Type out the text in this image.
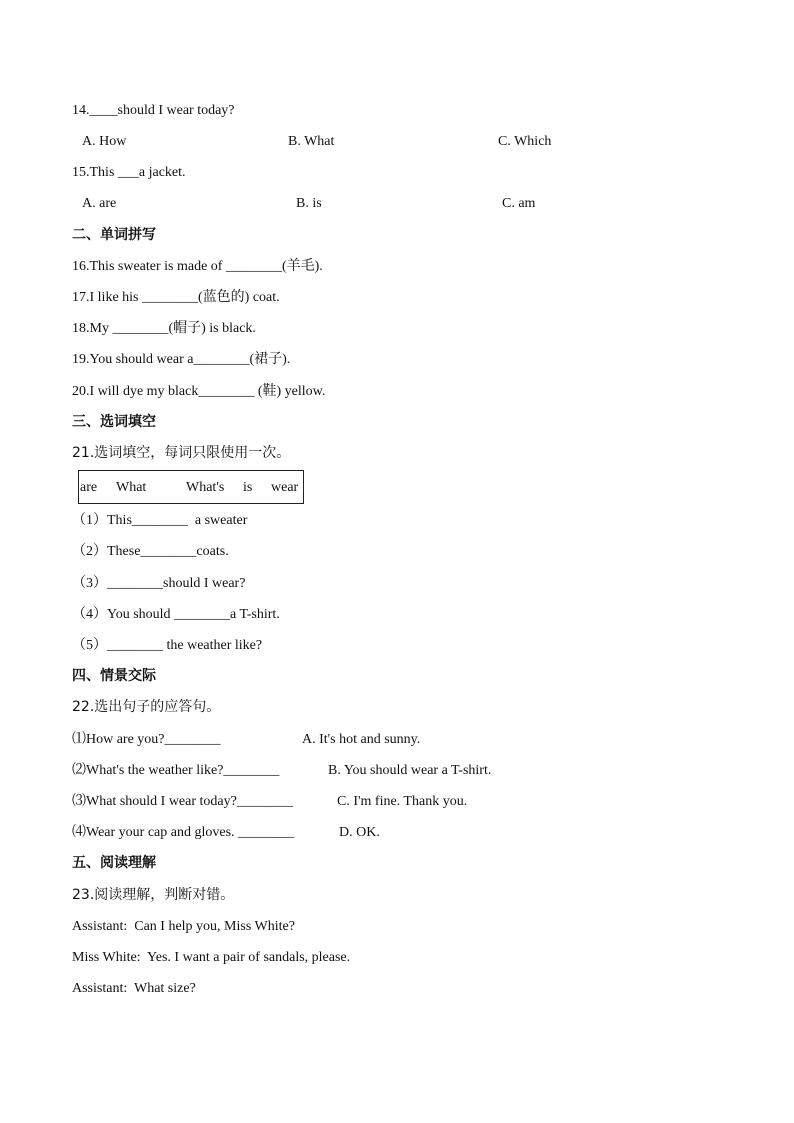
14.____should I wear today?
A. How	B. What	C. Which
15.This ___a jacket.
A. are	B. is	C. am
二、单词拼写
16.This sweater is made of ________(羊毛).
17.I like his ________(蓝色的) coat.
18.My ________(帽子) is black.
19.You should wear a________(裙子).
20.I will dye my black________ (鞋) yellow.
三、选词填空
21.选词填空，每词只限使用一次。
are What	What's is wear
（1）This________  a sweater
（2）These________coats.
（3）________should I wear?
（4）You should ________a T-shirt.
（5）________ the weather like?
四、情景交际
22.选出句子的应答句。
⑴How are you?________	A. It's hot and sunny.
⑵What's the weather like?________	B. You should wear a T-shirt.
⑶What should I wear today?________	C. I'm fine. Thank you.
⑷Wear your cap and gloves. ________	D. OK.
五、阅读理解
23.阅读理解，判断对错。
Assistant:  Can I help you, Miss White?
Miss White:  Yes. I want a pair of sandals, please.
Assistant:  What size?
